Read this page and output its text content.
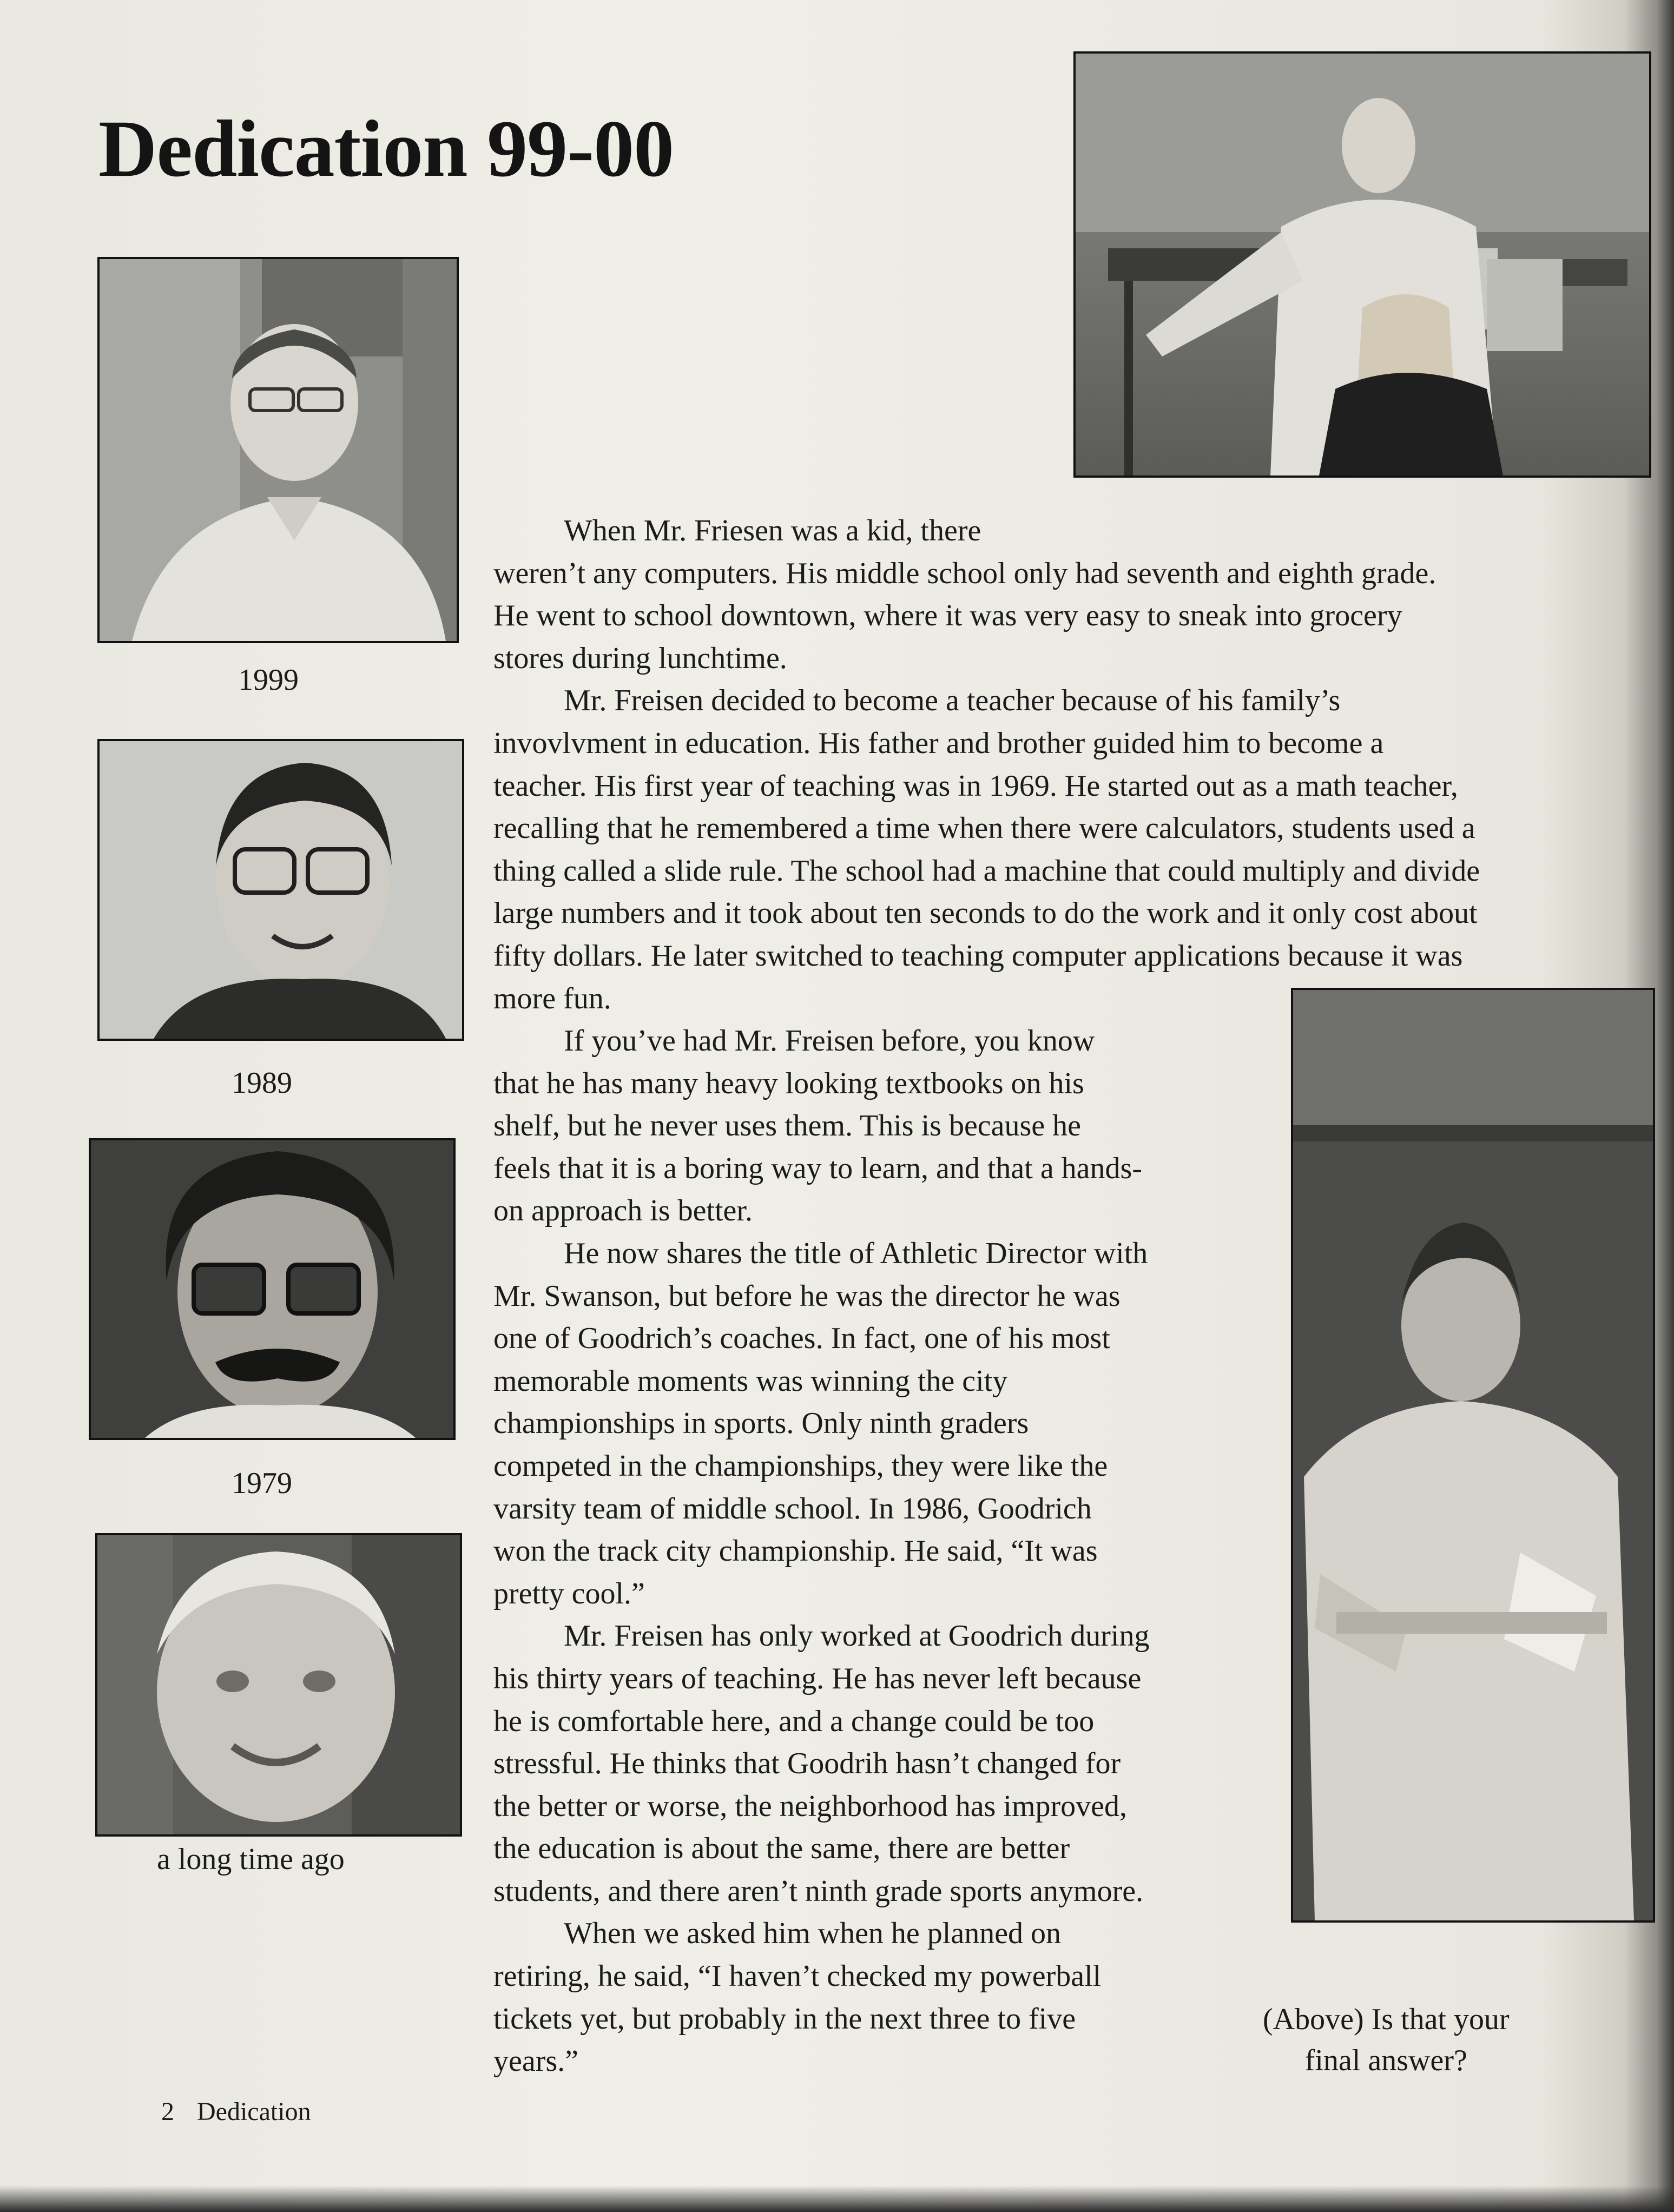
Dedication 99-00
1999
1989
1979
a long time ago
(Above) Is that your
final answer?

When Mr. Friesen was a kid, there

weren’t any computers. His middle school only had seventh and eighth grade.

He went to school downtown, where it was very easy to sneak into grocery

stores during lunchtime.

Mr. Freisen decided to become a teacher because of his family’s

invovlvment in education. His father and brother guided him to become a

teacher. His first year of teaching was in 1969. He started out as a math teacher,

recalling that he remembered a time when there were calculators, students used a

thing called a slide rule. The school had a machine that could multiply and divide

large numbers and it took about ten seconds to do the work and it only cost about

fifty dollars. He later switched to teaching computer applications because it was

more fun.

If you’ve had Mr. Freisen before, you know

that he has many heavy looking textbooks on his

shelf, but he never uses them. This is because he

feels that it is a boring way to learn, and that a hands-

on approach is better.

He now shares the title of Athletic Director with

Mr. Swanson, but before he was the director he was

one of Goodrich’s coaches. In fact, one of his most

memorable moments was winning the city

championships in sports. Only ninth graders

competed in the championships, they were like the

varsity team of middle school. In 1986, Goodrich

won the track city championship. He said, “It was

pretty cool.”

Mr. Freisen has only worked at Goodrich during

his thirty years of teaching. He has never left because

he is comfortable here, and a change could be too

stressful. He thinks that Goodrih hasn’t changed for

the better or worse, the neighborhood has improved,

the education is about the same, there are better

students, and there aren’t ninth grade sports anymore.

When we asked him when he planned on

retiring, he said, “I haven’t checked my powerball

tickets yet, but probably in the next three to five

years.”

2 Dedication
